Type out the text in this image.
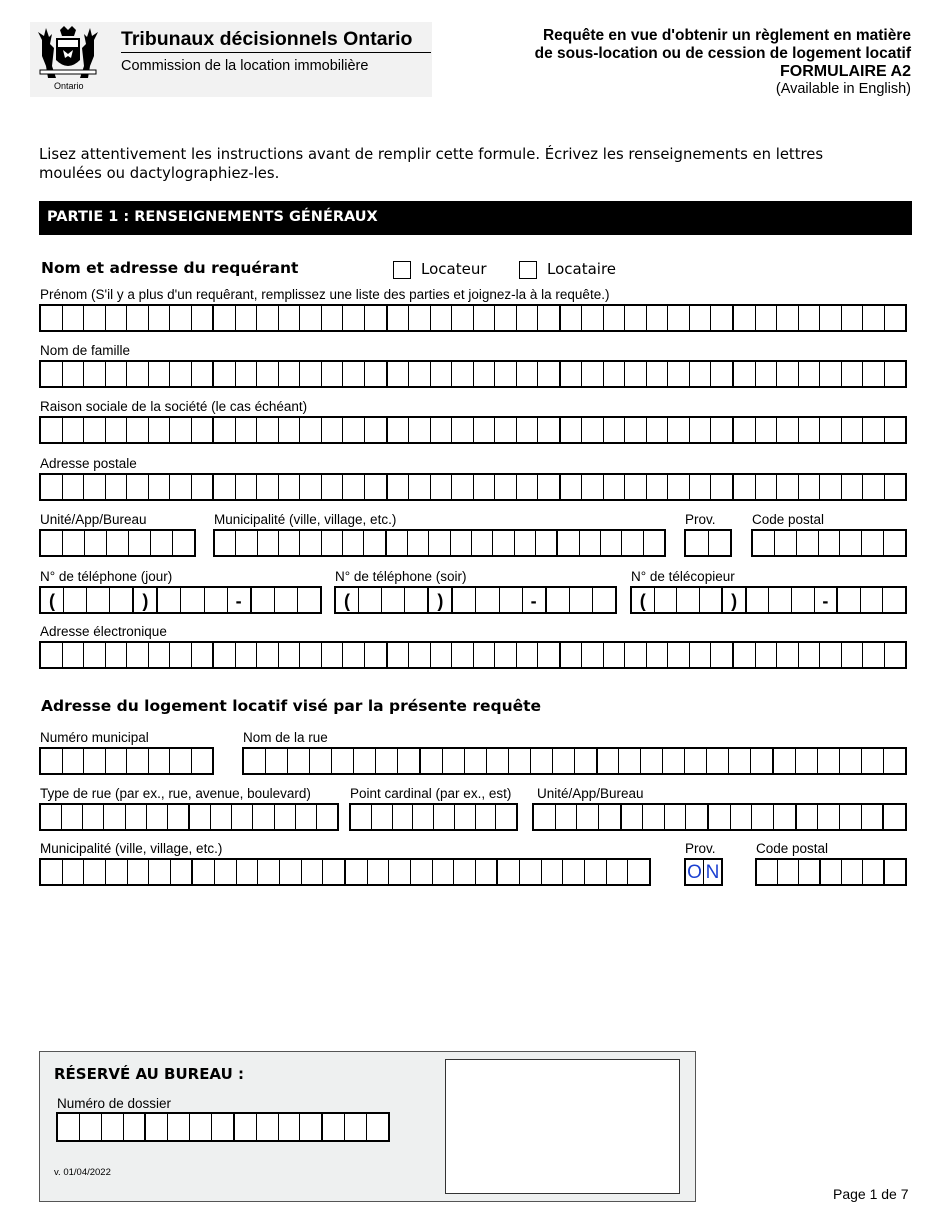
Ontario
Tribunaux décisionnels Ontario
Commission de la location immobilière
Requête en vue d'obtenir un règlement en matière
de sous-location ou de cession de logement locatif
FORMULAIRE A2
(Available in English)
Lisez attentivement les instructions avant de remplir cette formule. Écrivez les renseignements en lettres
moulées ou dactylographiez-les.
PARTIE 1 : RENSEIGNEMENTS GÉNÉRAUX
Nom et adresse du requérant	Locateur	Locataire
Prénom (S'il y a plus d'un requêrant, remplissez une liste des parties et joignez-la à la requête.)
Nom de famille
Raison sociale de la société (le cas échéant)
Adresse postale
Unité/App/Bureau	Municipalité (ville, village, etc.)	Prov.	Code postal
N° de téléphone (jour)
(	)	-
N° de téléphone (soir)
(	)	-
N° de télécopieur
(	)	-
Adresse électronique
Adresse du logement locatif visé par la présente requête
Numéro municipal	Nom de la rue
Type de rue (par ex., rue, avenue, boulevard)	Point cardinal (par ex., est) Unité/App/Bureau
Municipalité (ville, village, etc.)	Prov.
O N
Code postal
RÉSERVÉ AU BUREAU :
Numéro de dossier
v. 01/04/2022
Page 1 de 7
